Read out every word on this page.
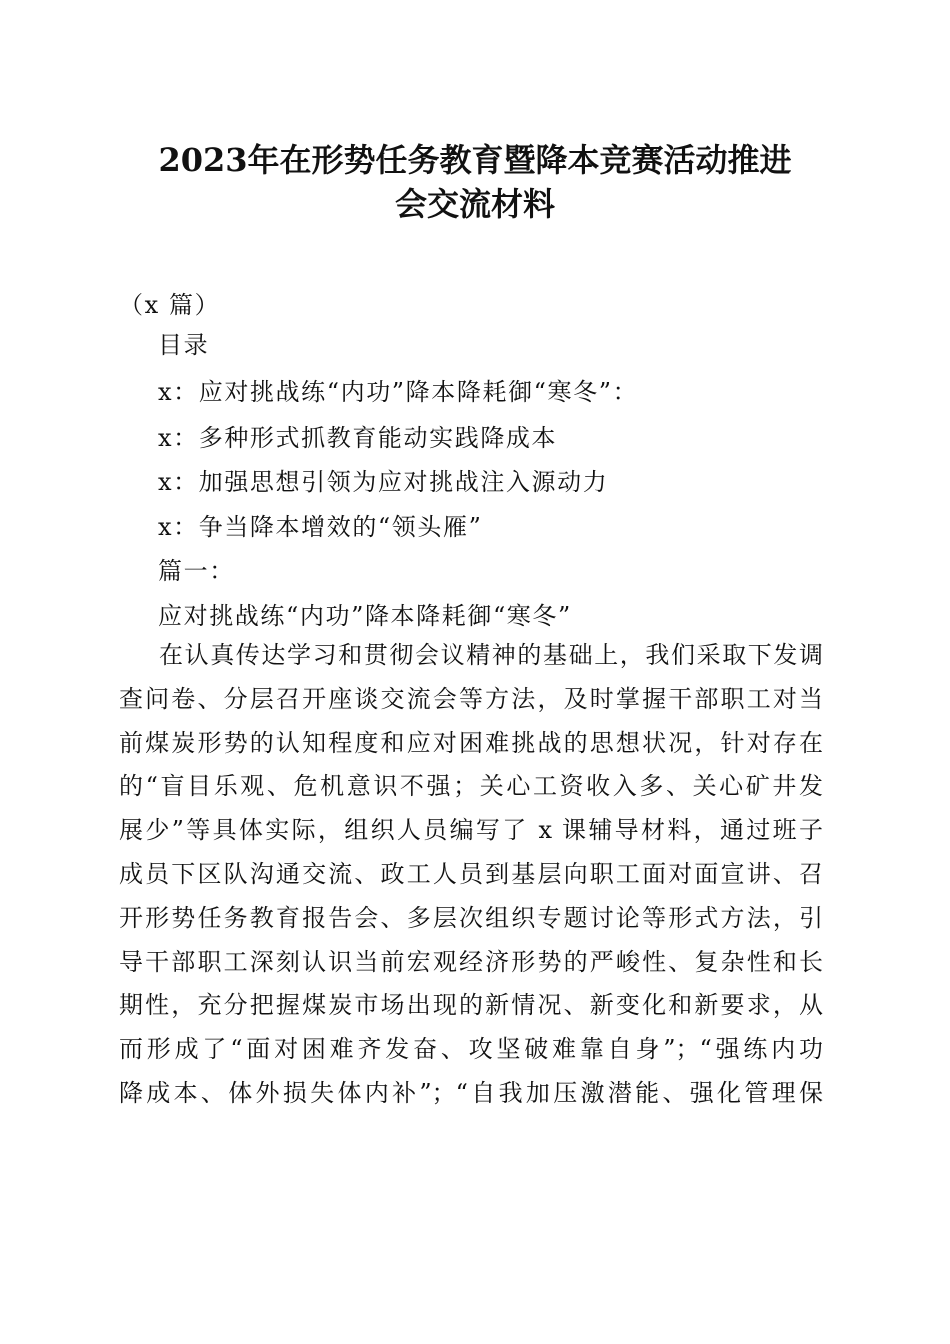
2023年在形势任务教育暨降本竞赛活动推进
会交流材料
（x 篇）
目录
x：应对挑战练“内功”降本降耗御“寒冬”：
x：多种形式抓教育能动实践降成本
x：加强思想引领为应对挑战注入源动力
x：争当降本增效的“领头雁”
篇一：
应对挑战练“内功”降本降耗御“寒冬”
在认真传达学习和贯彻会议精神的基础上，我们采取下发调
查问卷、分层召开座谈交流会等方法，及时掌握干部职工对当
前煤炭形势的认知程度和应对困难挑战的思想状况，针对存在
的“盲目乐观、危机意识不强；关心工资收入多、关心矿井发
展少”等具体实际，组织人员编写了 x 课辅导材料，通过班子
成员下区队沟通交流、政工人员到基层向职工面对面宣讲、召
开形势任务教育报告会、多层次组织专题讨论等形式方法，引
导干部职工深刻认识当前宏观经济形势的严峻性、复杂性和长
期性，充分把握煤炭市场出现的新情况、新变化和新要求，从
而形成了“面对困难齐发奋、攻坚破难靠自身”；“强练内功
降成本、体外损失体内补”；“自我加压激潜能、强化管理保
